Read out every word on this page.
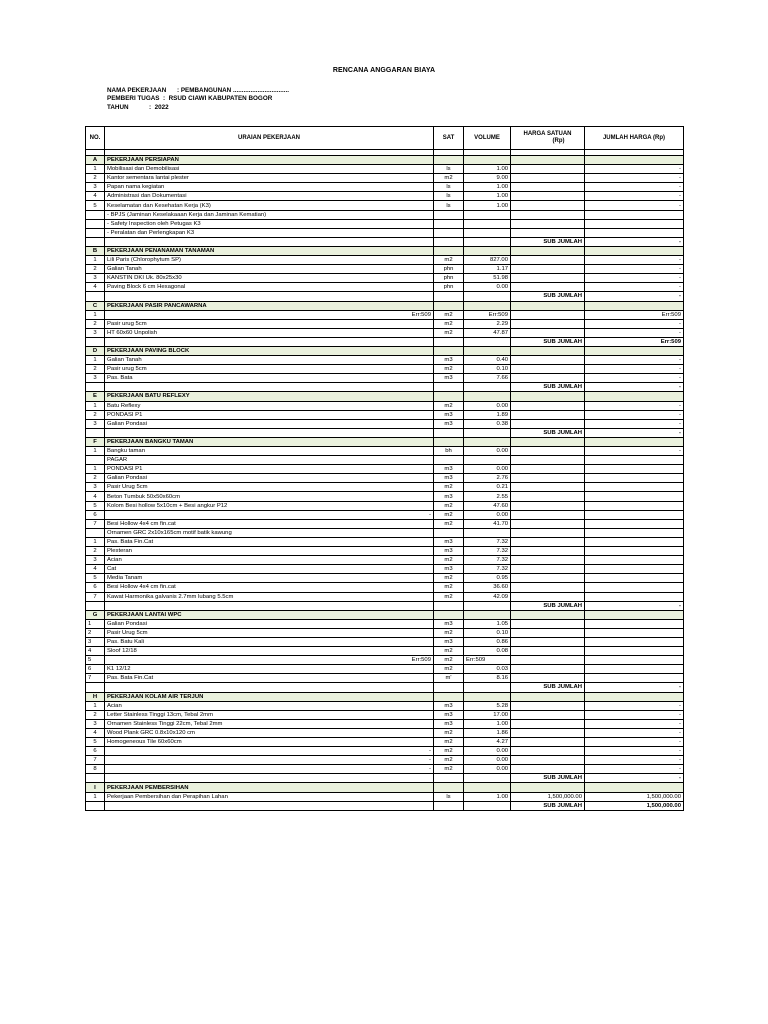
RENCANA ANGGARAN BIAYA
NAMA PEKERJAAN : PEMBANGUNAN ................................
PEMBERI TUGAS : RSUD CIAWI KABUPATEN BOGOR
TAHUN	: 2022
NO.	URAIAN PEKERJAAN	SAT	VOLUME	HARGA SATUAN
(Rp)	JUMLAH HARGA (Rp)

A	PEKERJAAN PERSIAPAN				
1	Mobilisasi dan Demobilisasi	ls	1.00		-
2	Kantor sementara lantai plester	m2	9.00		-
3	Papan nama kegiatan	ls	1.00		-
4	Administrasi dan Dokumentasi	ls	1.00		-
5	Keselamatan dan Kesehatan Kerja (K3)	ls	1.00		-
	- BPJS (Jaminan Keselakaaan Kerja dan Jaminan Kematian)				
	- Safety Inspection oleh Petugas K3				
	- Peralatan dan Perlengkapan K3				
				SUB JUMLAH	-
B	PEKERJAAN PENANAMAN TANAMAN				
1	Lili Paris (Chlorophytum SP)	m2	827.00		-
2	Galian Tanah	phn	1.17		-
3	KANSTIN DKI Uk. 80x25x30	phn	51.98		-
4	Paving Block 6 cm Hexagonal	phn	0.00		-
				SUB JUMLAH	-
C	PEKERJAAN PASIR PANCAWARNA				
1	Err:509	m2	Err:509		Err:509
2	Pasir urug 5cm	m2	2.29		-
3	HT 60x60 Unpolish	m2	47.87		-
				SUB JUMLAH	Err:509
D	PEKERJAAN PAVING BLOCK				
1	Galian Tanah	m3	0.40		-
2	Pasir urug 5cm	m2	0.10		-
3	Pas. Bata	m3	7.66		-
				SUB JUMLAH	-
E	PEKERJAAN BATU REFLEXY				
1	Batu Reflexy	m2	0.00		-
2	PONDASI P1	m3	1.89		-
3	Galian Pondasi	m3	0.38		-
				SUB JUMLAH	-
F	PEKERJAAN BANGKU TAMAN				
1	Bangku taman	bh	0.00		-
	PAGAR				
1	PONDASI P1	m3	0.00		
2	Galian Pondasi	m3	2.76		
3	Pasir Urug 5cm	m2	0.21		
4	Beton Tumbuk 50x50x60cm	m3	2.55		
5	Kolom Besi hollow 5x10cm + Besi angkur P12	m2	47.60		
6	-	m2	0.00		
7	Besi Hollow 4x4 cm fin.cat	m2	41.70		
	Ornamen GRC 2x10x165cm motif batik kawung				
1	Pas. Bata Fin.Cat	m3	7.32		
2	Plesteran	m3	7.32		
3	Acian	m2	7.32		
4	Cat	m3	7.32		
5	Media Tanam	m2	0.95		
6	Besi Hollow 4x4 cm fin.cat	m2	36.60		
7	Kawat Harmonika galvanis 2.7mm lubang 5.5cm	m2	42.09		
				SUB JUMLAH	-
G	PEKERJAAN LANTAI WPC				
1	Galian Pondasi	m3	1.05		
2	Pasir Urug 5cm	m2	0.10		
3	Pas. Batu Kali	m3	0.86		
4	Sloof 12/18	m2	0.08		
5	Err:509	m2	Err:509		
6	K1 12/12	m2	0.03		
7	Pas. Bata Fin.Cat	m'	8.16		
				SUB JUMLAH	-
H	PEKERJAAN KOLAM AIR TERJUN				
1	Acian	m3	5.28		-
2	Letter Stainless Tinggi 13cm, Tebal 2mm	m3	17.00		-
3	Ornamen Stainless Tinggi 22cm, Tebal 2mm	m3	1.00		-
4	Wood Plank GRC 0.8x10x120 cm	m2	1.86		-
5	Homogeneous Tile 60x60cm	m2	4.27		-
6	-	m2	0.00		-
7	-	m2	0.00		-
8	-	m2	0.00		-
				SUB JUMLAH	-
I	PEKERJAAN PEMBERSIHAN				
1	Pekerjaan Pembersihan dan Perapihan Lahan	ls	1.00	1,500,000.00	1,500,000.00
				SUB JUMLAH	1,500,000.00
